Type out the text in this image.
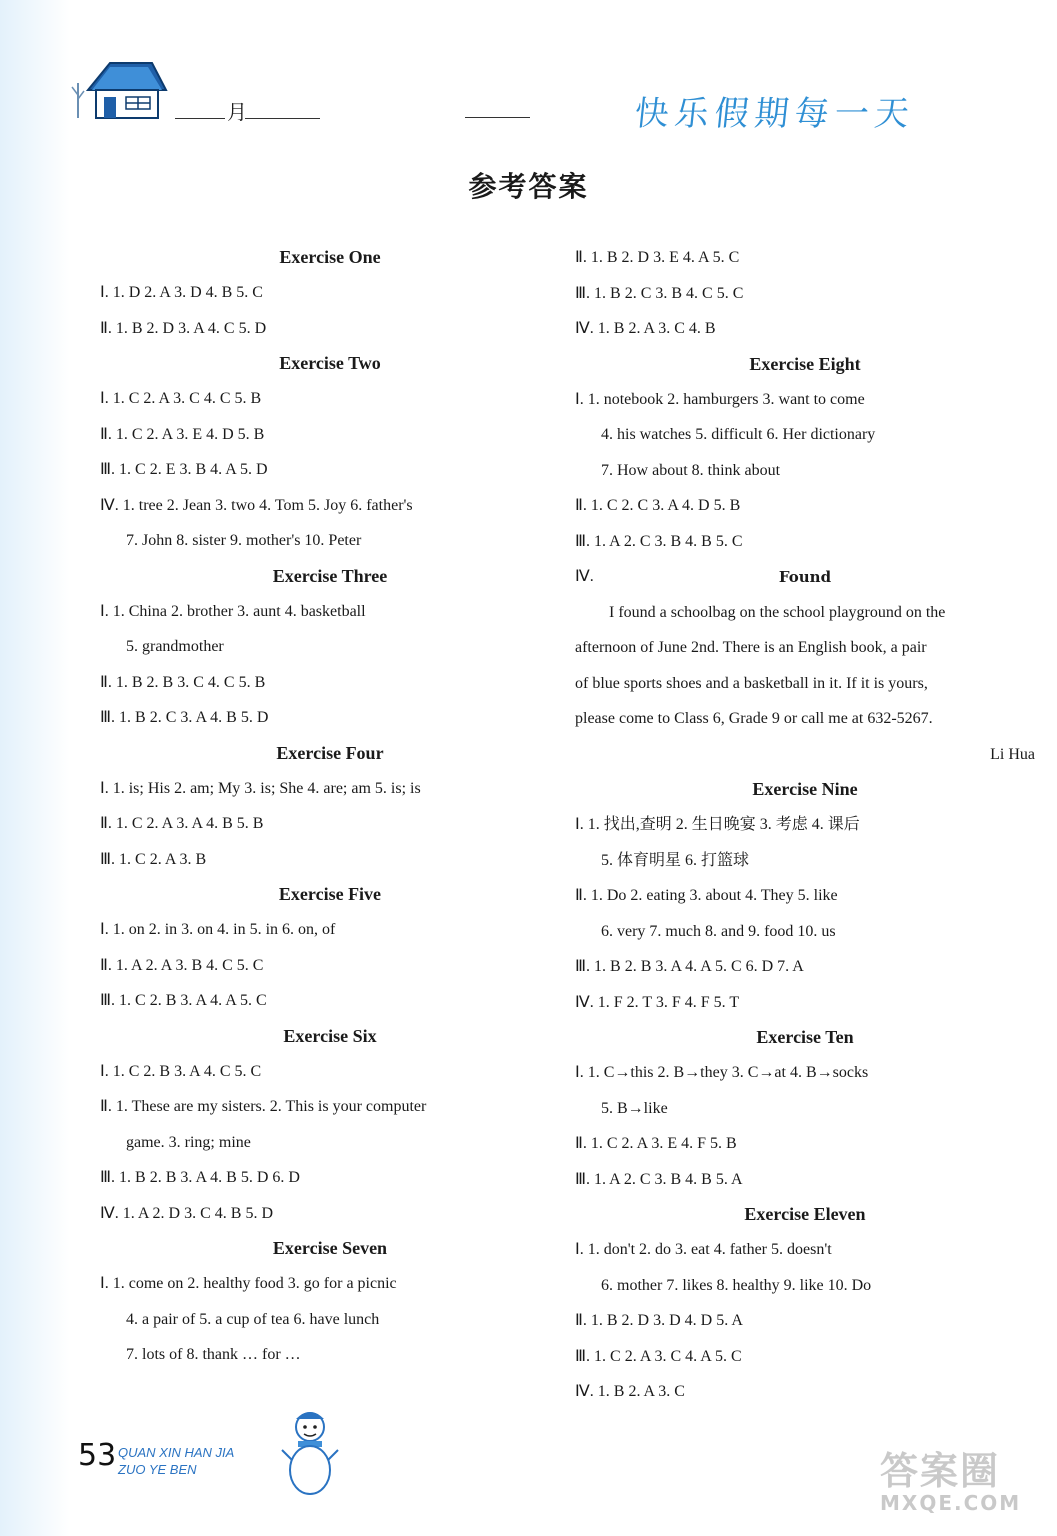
月	快乐假期每一天
参考答案
Exercise One
Ⅰ. 1. D 2. A 3. D 4. B 5. C
Ⅱ. 1. B 2. D 3. A 4. C 5. D
Exercise Two
Ⅰ. 1. C 2. A 3. C 4. C 5. B
Ⅱ. 1. C 2. A 3. E 4. D 5. B
Ⅲ. 1. C 2. E 3. B 4. A 5. D
Ⅳ. 1. tree 2. Jean 3. two 4. Tom 5. Joy 6. father's
7. John 8. sister 9. mother's 10. Peter
Exercise Three
Ⅰ. 1. China 2. brother 3. aunt 4. basketball
5. grandmother
Ⅱ. 1. B 2. B 3. C 4. C 5. B
Ⅲ. 1. B 2. C 3. A 4. B 5. D
Exercise Four
Ⅰ. 1. is; His 2. am; My 3. is; She 4. are; am 5. is; is
Ⅱ. 1. C 2. A 3. A 4. B 5. B
Ⅲ. 1. C 2. A 3. B
Exercise Five
Ⅰ. 1. on 2. in 3. on 4. in 5. in 6. on, of
Ⅱ. 1. A 2. A 3. B 4. C 5. C
Ⅲ. 1. C 2. B 3. A 4. A 5. C
Exercise Six
Ⅰ. 1. C 2. B 3. A 4. C 5. C
Ⅱ. 1. These are my sisters. 2. This is your computer
game. 3. ring; mine
Ⅲ. 1. B 2. B 3. A 4. B 5. D 6. D
Ⅳ. 1. A 2. D 3. C 4. B 5. D
Exercise Seven
Ⅰ. 1. come on 2. healthy food 3. go for a picnic
4. a pair of 5. a cup of tea 6. have lunch
7. lots of 8. thank … for …
Ⅱ. 1. B 2. D 3. E 4. A 5. C
Ⅲ. 1. B 2. C 3. B 4. C 5. C
Ⅳ. 1. B 2. A 3. C 4. B
Exercise Eight
Ⅰ. 1. notebook 2. hamburgers 3. want to come
4. his watches 5. difficult 6. Her dictionary
7. How about 8. think about
Ⅱ. 1. C 2. C 3. A 4. D 5. B
Ⅲ. 1. A 2. C 3. B 4. B 5. C
Ⅳ.	Found

I found a schoolbag on the school playground on the

afternoon of June 2nd. There is an English book, a pair

of blue sports shoes and a basketball in it. If it is yours,

please come to Class 6, Grade 9 or call me at 632-5267.

Li Hua
Exercise Nine
Ⅰ. 1. 找出,查明 2. 生日晚宴 3. 考虑 4. 课后
5. 体育明星 6. 打篮球
Ⅱ. 1. Do 2. eating 3. about 4. They 5. like
6. very 7. much 8. and 9. food 10. us
Ⅲ. 1. B 2. B 3. A 4. A 5. C 6. D 7. A
Ⅳ. 1. F 2. T 3. F 4. F 5. T
Exercise Ten
Ⅰ. 1. C→this 2. B→they 3. C→at 4. B→socks
5. B→like
Ⅱ. 1. C 2. A 3. E 4. F 5. B
Ⅲ. 1. A 2. C 3. B 4. B 5. A
Exercise Eleven
Ⅰ. 1. don't 2. do 3. eat 4. father 5. doesn't
6. mother 7. likes 8. healthy 9. like 10. Do
Ⅱ. 1. B 2. D 3. D 4. D 5. A
Ⅲ. 1. C 2. A 3. C 4. A 5. C
Ⅳ. 1. B 2. A 3. C
53 QUAN XIN HAN JIA
ZUO YE BEN	答案圈
MXQE.COM
